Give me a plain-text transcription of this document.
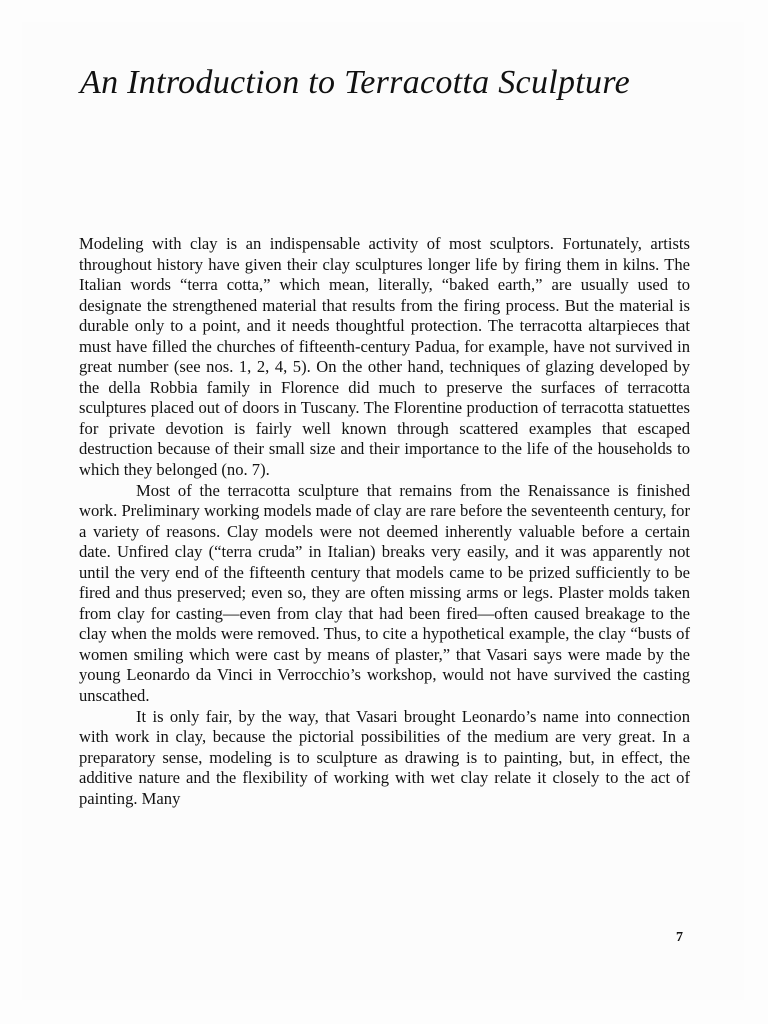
An Introduction to Terracotta Sculpture

Modeling with clay is an indispensable activity of most sculptors. Fortunately, artists throughout history have given their clay sculptures longer life by firing them in kilns. The Italian words “terra cotta,” which mean, literally, “baked earth,” are usually used to designate the strengthened material that results from the firing process. But the material is durable only to a point, and it needs thoughtful protection. The terracotta altarpieces that must have filled the churches of fifteenth-century Padua, for example, have not survived in great number (see nos. 1, 2, 4, 5). On the other hand, techniques of glazing developed by the della Robbia family in Florence did much to preserve the surfaces of terracotta sculptures placed out of doors in Tuscany. The Florentine production of terracotta statuettes for private devotion is fairly well known through scattered examples that escaped destruction because of their small size and their importance to the life of the households to which they belonged (no. 7).

Most of the terracotta sculpture that remains from the Renaissance is finished work. Preliminary working models made of clay are rare before the seventeenth century, for a variety of reasons. Clay models were not deemed inherently valuable before a certain date. Unfired clay (“terra cruda” in Italian) breaks very easily, and it was apparently not until the very end of the fifteenth century that models came to be prized sufficiently to be fired and thus preserved; even so, they are often missing arms or legs. Plaster molds taken from clay for casting—even from clay that had been fired—often caused breakage to the clay when the molds were removed. Thus, to cite a hypothetical example, the clay “busts of women smiling which were cast by means of plaster,” that Vasari says were made by the young Leonardo da Vinci in Verrocchio’s workshop, would not have survived the casting unscathed.

It is only fair, by the way, that Vasari brought Leonardo’s name into connection with work in clay, because the pictorial possibilities of the medium are very great. In a preparatory sense, modeling is to sculpture as drawing is to painting, but, in effect, the additive nature and the flexibility of working with wet clay relate it closely to the act of painting. Many

7
